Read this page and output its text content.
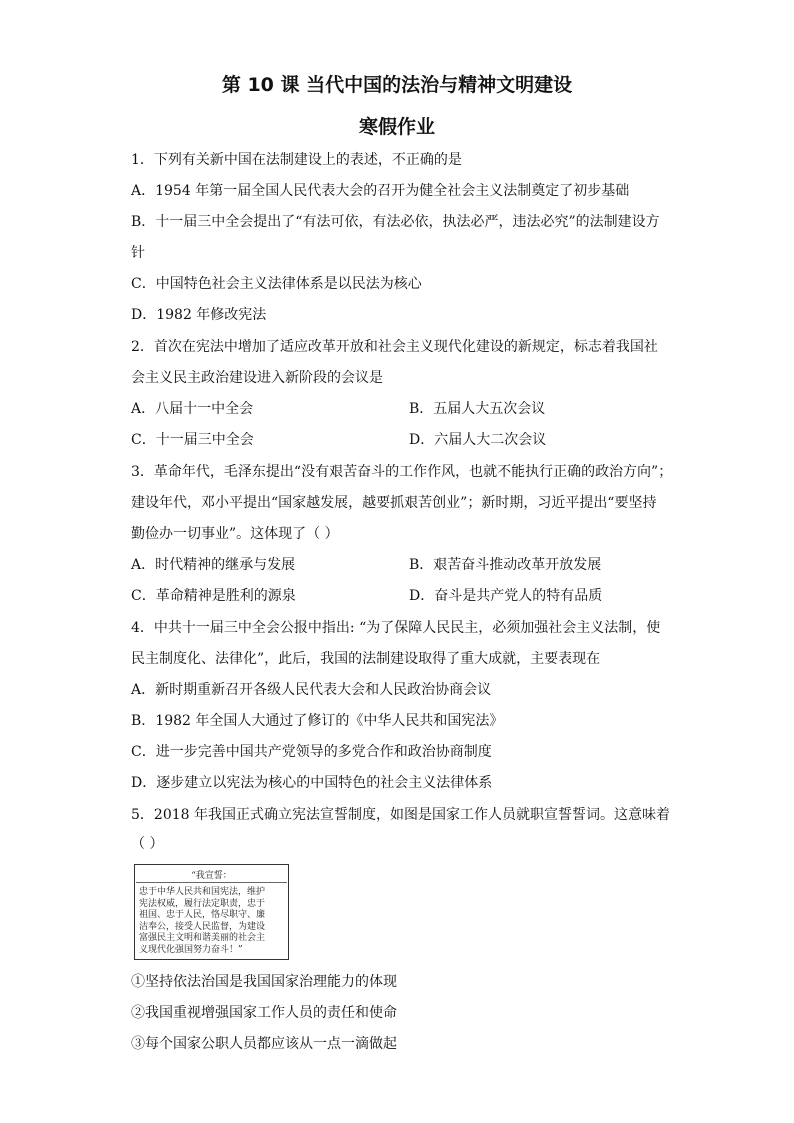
第 10 课 当代中国的法治与精神文明建设
寒假作业
1．下列有关新中国在法制建设上的表述，不正确的是
A．1954 年第一届全国人民代表大会的召开为健全社会主义法制奠定了初步基础
B．十一届三中全会提出了“有法可依，有法必依，执法必严，违法必究”的法制建设方
针
C．中国特色社会主义法律体系是以民法为核心
D．1982 年修改宪法
2．首次在宪法中增加了适应改革开放和社会主义现代化建设的新规定，标志着我国社
会主义民主政治建设进入新阶段的会议是
A．八届十一中全会	B．五届人大五次会议
C．十一届三中全会	D．六届人大二次会议
3．革命年代，毛泽东提出“没有艰苦奋斗的工作作风，也就不能执行正确的政治方向”；
建设年代，邓小平提出“国家越发展，越要抓艰苦创业”；新时期，习近平提出“要坚持
勤俭办一切事业”。这体现了（ ）
A．时代精神的继承与发展	B．艰苦奋斗推动改革开放发展
C．革命精神是胜利的源泉	D．奋斗是共产党人的特有品质
4．中共十一届三中全会公报中指出: “为了保障人民民主，必须加强社会主义法制，使
民主制度化、法律化”，此后，我国的法制建设取得了重大成就，主要表现在
A．新时期重新召开各级人民代表大会和人民政治协商会议
B．1982 年全国人大通过了修订的《中华人民共和国宪法》
C．进一步完善中国共产党领导的多党合作和政治协商制度
D．逐步建立以宪法为核心的中国特色的社会主义法律体系
5．2018 年我国正式确立宪法宣誓制度，如图是国家工作人员就职宣誓誓词。这意味着
（ ）
“我宣誓：
忠于中华人民共和国宪法，维护
宪法权威，履行法定职责，忠于
祖国、忠于人民，恪尽职守、廉
洁奉公，接受人民监督，为建设
富强民主文明和谐美丽的社会主
义现代化强国努力奋斗！”
①坚持依法治国是我国国家治理能力的体现
②我国重视增强国家工作人员的责任和使命
③每个国家公职人员都应该从一点一滴做起
